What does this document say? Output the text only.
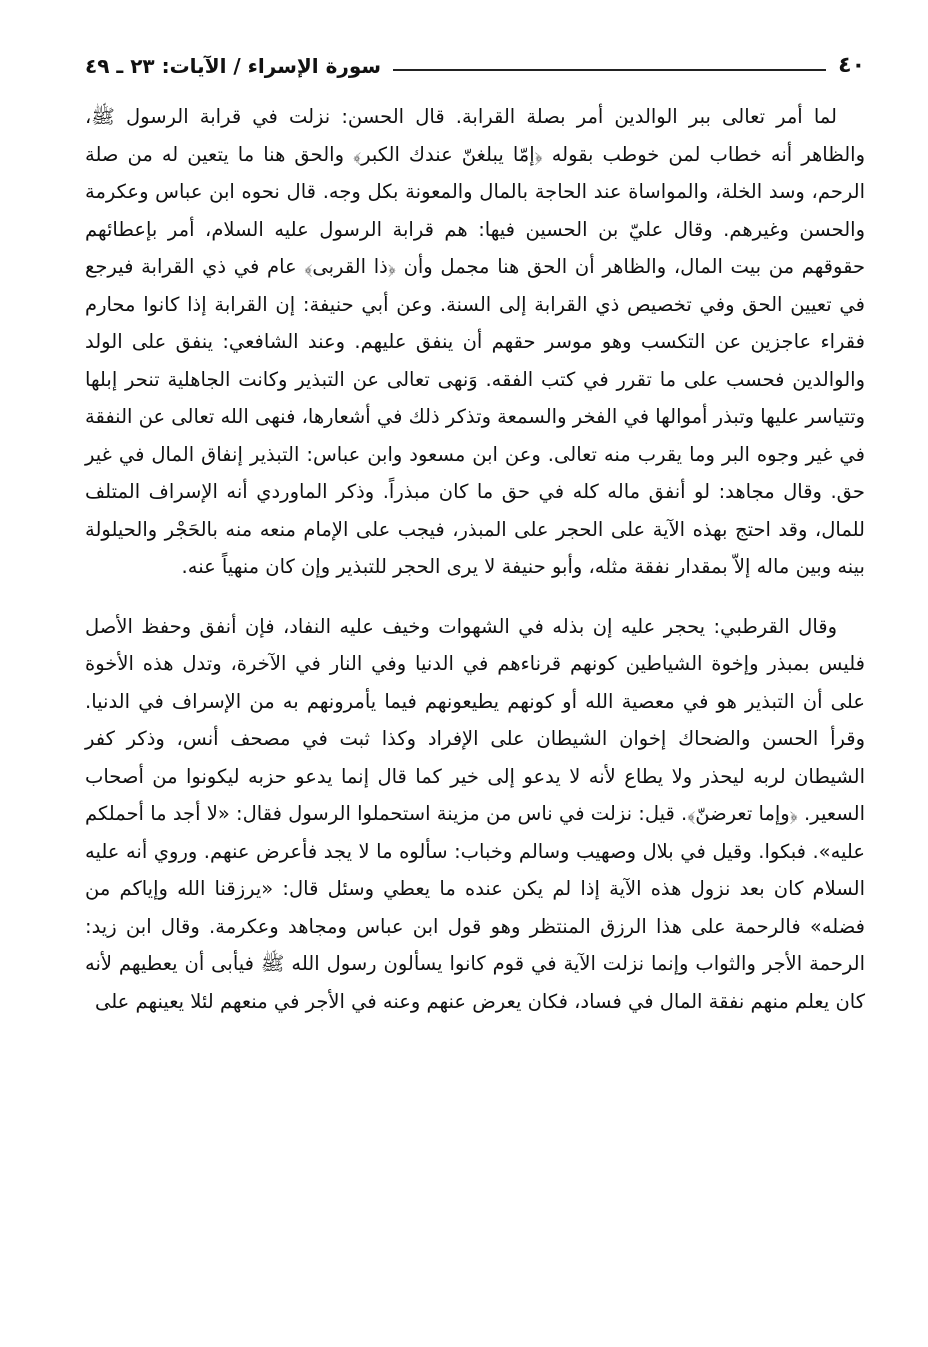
٤٠
سورة الإسراء / الآيات: ٢٣ ـ ٤٩

لما أمر تعالى ببر الوالدين أمر بصلة القرابة. قال الحسن: نزلت في قرابة الرسول ﷺ، والظاهر أنه خطاب لمن خوطب بقوله ﴿إمّا يبلغنّ عندك الكبر﴾ والحق هنا ما يتعين له من صلة الرحم، وسد الخلة، والمواساة عند الحاجة بالمال والمعونة بكل وجه. قال نحوه ابن عباس وعكرمة والحسن وغيرهم. وقال عليّ بن الحسين فيها: هم قرابة الرسول عليه السلام، أمر بإعطائهم حقوقهم من بيت المال، والظاهر أن الحق هنا مجمل وأن ﴿ذا القربى﴾ عام في ذي القرابة فيرجع في تعيين الحق وفي تخصيص ذي القرابة إلى السنة. وعن أبي حنيفة: إن القرابة إذا كانوا محارم فقراء عاجزين عن التكسب وهو موسر حقهم أن ينفق عليهم. وعند الشافعي: ينفق على الولد والوالدين فحسب على ما تقرر في كتب الفقه. وَنهى تعالى عن التبذير وكانت الجاهلية تنحر إبلها وتتياسر عليها وتبذر أموالها في الفخر والسمعة وتذكر ذلك في أشعارها، فنهى الله تعالى عن النفقة في غير وجوه البر وما يقرب منه تعالى. وعن ابن مسعود وابن عباس: التبذير إنفاق المال في غير حق. وقال مجاهد: لو أنفق ماله كله في حق ما كان مبذراً. وذكر الماوردي أنه الإسراف المتلف للمال، وقد احتج بهذه الآية على الحجر على المبذر، فيجب على الإمام منعه منه بالحَجْر والحيلولة بينه وبين ماله إلاّ بمقدار نفقة مثله، وأبو حنيفة لا يرى الحجر للتبذير وإن كان منهياً عنه.

وقال القرطبي: يحجر عليه إن بذله في الشهوات وخيف عليه النفاد، فإن أنفق وحفظ الأصل فليس بمبذر وإخوة الشياطين كونهم قرناءهم في الدنيا وفي النار في الآخرة، وتدل هذه الأخوة على أن التبذير هو في معصية الله أو كونهم يطيعونهم فيما يأمرونهم به من الإسراف في الدنيا. وقرأ الحسن والضحاك إخوان الشيطان على الإفراد وكذا ثبت في مصحف أنس، وذكر كفر الشيطان لربه ليحذر ولا يطاع لأنه لا يدعو إلى خير كما قال إنما يدعو حزبه ليكونوا من أصحاب السعير. ﴿وإما تعرضنّ﴾. قيل: نزلت في ناس من مزينة استحملوا الرسول فقال: «لا أجد ما أحملكم عليه». فبكوا. وقيل في بلال وصهيب وسالم وخباب: سألوه ما لا يجد فأعرض عنهم. وروي أنه عليه السلام كان بعد نزول هذه الآية إذا لم يكن عنده ما يعطي وسئل قال: «يرزقنا الله وإياكم من فضله» فالرحمة على هذا الرزق المنتظر وهو قول ابن عباس ومجاهد وعكرمة. وقال ابن زيد: الرحمة الأجر والثواب وإنما نزلت الآية في قوم كانوا يسألون رسول الله ﷺ فيأبى أن يعطيهم لأنه كان يعلم منهم نفقة المال في فساد، فكان يعرض عنهم وعنه في الأجر في منعهم لئلا يعينهم على
